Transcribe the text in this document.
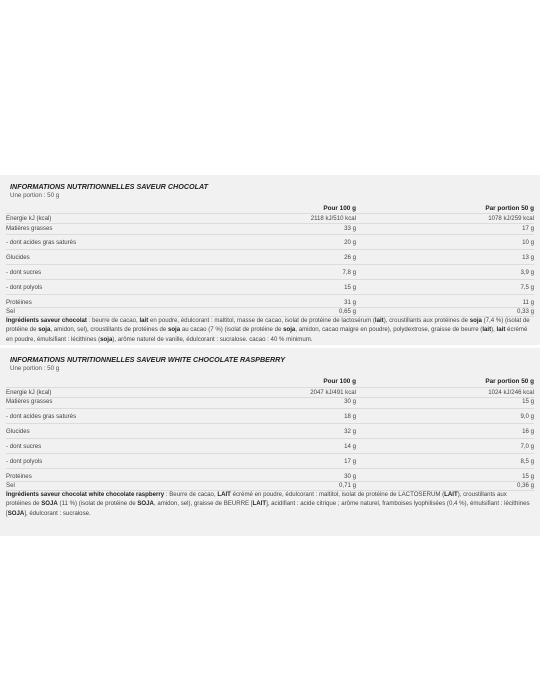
INFORMATIONS NUTRITIONNELLES SAVEUR CHOCOLAT
Une portion : 50 g
Pour 100 g	Par portion 50 g
Energie kJ (kcal)	2118 kJ/510 kcal	1078 kJ/259 kcal
Matières grasses	33 g	17 g
- dont acides gras saturés	20 g	10 g
Glucides	26 g	13 g
- dont sucres	7,8 g	3,9 g
- dont polyols	15 g	7,5 g
Protéines	31 g	11 g
Sel	0,65 g	0,33 g
Ingrédients saveur chocolat : beurre de cacao, lait en poudre, édulcorant : maltitol, masse de cacao, isolat de protéine de lactosérum (lait), croustillants aux protéines de soja (7,4 %) (isolat de protéine de soja, amidon, sel), croustillants de protéines de soja au cacao (7 %) (isolat de protéine de soja, amidon, cacao maigre en poudre), polydextrose, graisse de beurre (lait), lait écrémé en poudre, émulsifiant : lécithines (soja), arôme naturel de vanille, édulcorant : sucralose. cacao : 40 % minimum.
INFORMATIONS NUTRITIONNELLES SAVEUR WHITE CHOCOLATE RASPBERRY
Une portion : 50 g
Pour 100 g	Par portion 50 g
Energie kJ (kcal)	2047 kJ/491 kcal	1024 kJ/246 kcal
Matières grasses	30 g	15 g
- dont acides gras saturés	18 g	9,0 g
Glucides	32 g	16 g
- dont sucres	14 g	7,0 g
- dont polyols	17 g	8,5 g
Protéines	30 g	15 g
Sel	0,71 g	0,36 g
Ingrédients saveur chocolat white chocolate raspberry : Beurre de cacao, LAIT écrémé en poudre, édulcorant : maltitol, isolat de protéine de LACTOSERUM (LAIT), croustillants aux protéines de SOJA (11 %) (isolat de protéine de SOJA, amidon, sel), graisse de BEURRE [LAIT], acidifiant : acide citrique ; arôme naturel, framboises lyophilisées (0,4 %), émulsifiant : lécithines [SOJA], édulcorant : sucralose.
